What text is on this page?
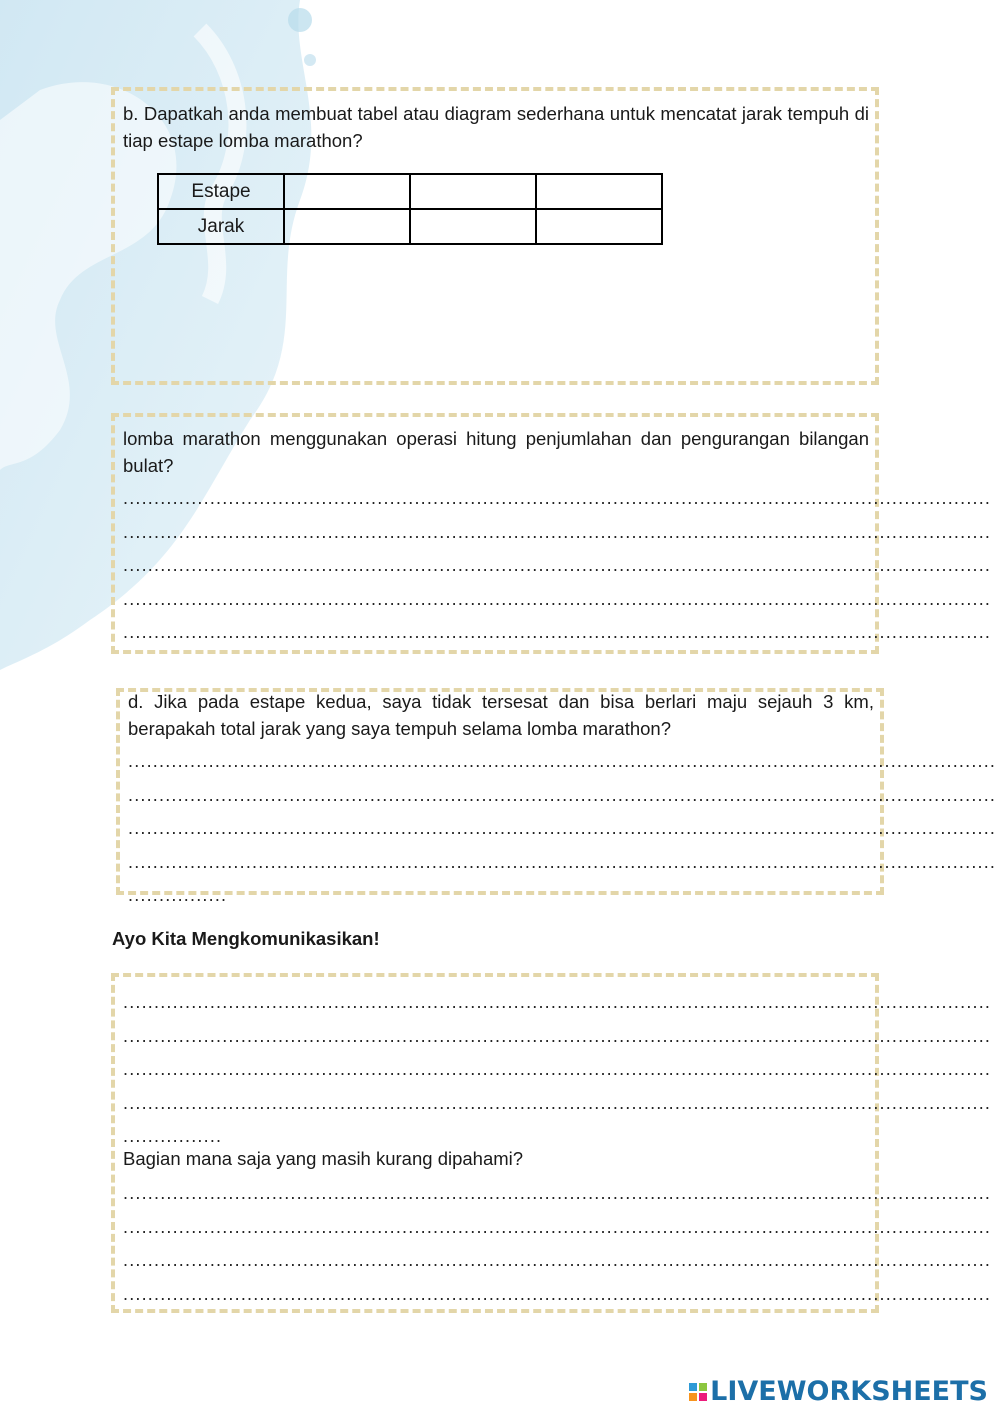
b. Dapatkah anda membuat tabel atau diagram sederhana untuk mencatat jarak tempuh di tiap estape lomba marathon?
Estape			
Jarak			
lomba marathon menggunakan operasi hitung penjumlahan dan pengurangan bilangan bulat?
............................................................................................................................................
............................................................................................................................................
............................................................................................................................................
............................................................................................................................................
............................................................................................................................................
d. Jika pada estape kedua, saya tidak tersesat dan bisa berlari maju sejauh 3 km, berapakah total jarak yang saya tempuh selama lomba marathon?
............................................................................................................................................
............................................................................................................................................
............................................................................................................................................
............................................................................................................................................
................
Ayo Kita Mengkomunikasikan!
............................................................................................................................................
............................................................................................................................................
............................................................................................................................................
............................................................................................................................................
................
Bagian mana saja yang masih kurang dipahami?
............................................................................................................................................
............................................................................................................................................
............................................................................................................................................
............................................................................................................................................
LIVEWORKSHEETS
